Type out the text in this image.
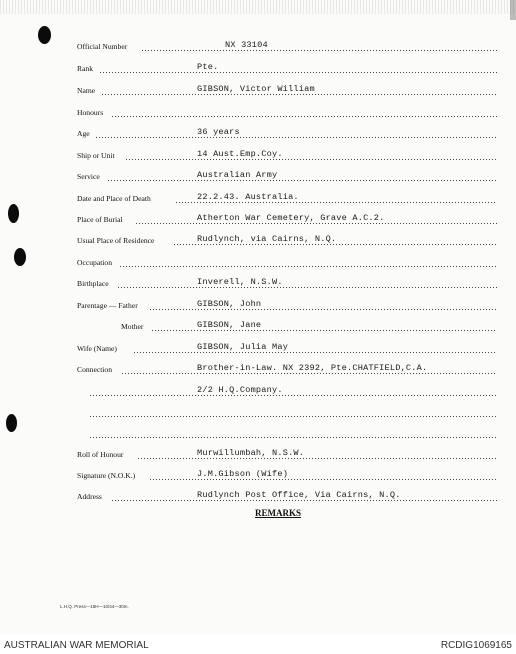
Official Number	NX 33104
Rank	Pte.
Name	GIBSON, Victor William
Honours
Age	36 years
Ship or Unit	14 Aust.Emp.Coy.
Service	Australian Army
Date and Place of Death	22.2.43. Australia.
Place of Burial	Atherton War Cemetery, Grave A.C.2.
Usual Place of Residence	Rudlynch, via Cairns, N.Q.
Occupation
Birthplace	Inverell, N.S.W.
Parentage — Father	GIBSON, John
Mother	GIBSON, Jane
Wife (Name)	GIBSON, Julia May
Connection	Brother-in-Law. NX 2392, Pte.CHATFIELD,C.A.
2/2 H.Q.Company.
Roll of Honour	Murwillumbah, N.S.W.
Signature (N.O.K.)	J.M.Gibson (Wife)
Address	Rudlynch Post Office, Via Cairns, N.Q.
REMARKS
L.H.Q. Press—18H—10/44—30m.
AUSTRALIAN WAR MEMORIAL	RCDIG1069165
